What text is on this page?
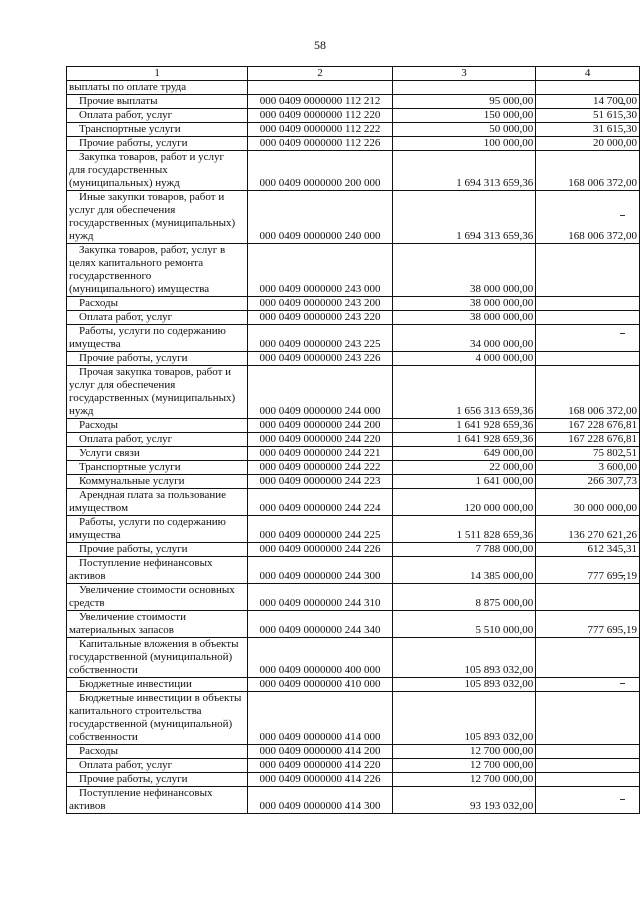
58
1	2	3	4

выплаты по оплате труда			

Прочие выплаты	000 0409 0000000 112 212	95 000,00	14 700,00

Оплата работ, услуг	000 0409 0000000 112 220	150 000,00	51 615,30

Транспортные услуги	000 0409 0000000 112 222	50 000,00	31 615,30

Прочие работы, услуги	000 0409 0000000 112 226	100 000,00	20 000,00

Закупка товаров, работ и услуг
для государственных
(муниципальных) нужд	000 0409 0000000 200 000	1 694 313 659,36	168 006 372,00

Иные закупки товаров, работ и
услуг для обеспечения
государственных (муниципальных)
нужд	000 0409 0000000 240 000	1 694 313 659,36	168 006 372,00

Закупка товаров, работ, услуг в
целях капитального ремонта
государственного
(муниципального) имущества	000 0409 0000000 243 000	38 000 000,00	

Расходы	000 0409 0000000 243 200	38 000 000,00	

Оплата работ, услуг	000 0409 0000000 243 220	38 000 000,00	

Работы, услуги по содержанию
имущества	000 0409 0000000 243 225	34 000 000,00	

Прочие работы, услуги	000 0409 0000000 243 226	4 000 000,00	

Прочая закупка товаров, работ и
услуг для обеспечения
государственных (муниципальных)
нужд	000 0409 0000000 244 000	1 656 313 659,36	168 006 372,00

Расходы	000 0409 0000000 244 200	1 641 928 659,36	167 228 676,81

Оплата работ, услуг	000 0409 0000000 244 220	1 641 928 659,36	167 228 676,81

Услуги связи	000 0409 0000000 244 221	649 000,00	75 802,51

Транспортные услуги	000 0409 0000000 244 222	22 000,00	3 600,00

Коммунальные услуги	000 0409 0000000 244 223	1 641 000,00	266 307,73

Арендная плата за пользование
имуществом	000 0409 0000000 244 224	120 000 000,00	30 000 000,00

Работы, услуги по содержанию
имущества	000 0409 0000000 244 225	1 511 828 659,36	136 270 621,26

Прочие работы, услуги	000 0409 0000000 244 226	7 788 000,00	612 345,31

Поступление нефинансовых
активов	000 0409 0000000 244 300	14 385 000,00	777 695,19

Увеличение стоимости основных
средств	000 0409 0000000 244 310	8 875 000,00	

Увеличение стоимости
материальных запасов	000 0409 0000000 244 340	5 510 000,00	777 695,19

Капитальные вложения в объекты
государственной (муниципальной)
собственности	000 0409 0000000 400 000	105 893 032,00	

Бюджетные инвестиции	000 0409 0000000 410 000	105 893 032,00	

Бюджетные инвестиции в объекты
капитального строительства
государственной (муниципальной)
собственности	000 0409 0000000 414 000	105 893 032,00	

Расходы	000 0409 0000000 414 200	12 700 000,00	

Оплата работ, услуг	000 0409 0000000 414 220	12 700 000,00	

Прочие работы, услуги	000 0409 0000000 414 226	12 700 000,00	

Поступление нефинансовых
активов	000 0409 0000000 414 300	93 193 032,00	
